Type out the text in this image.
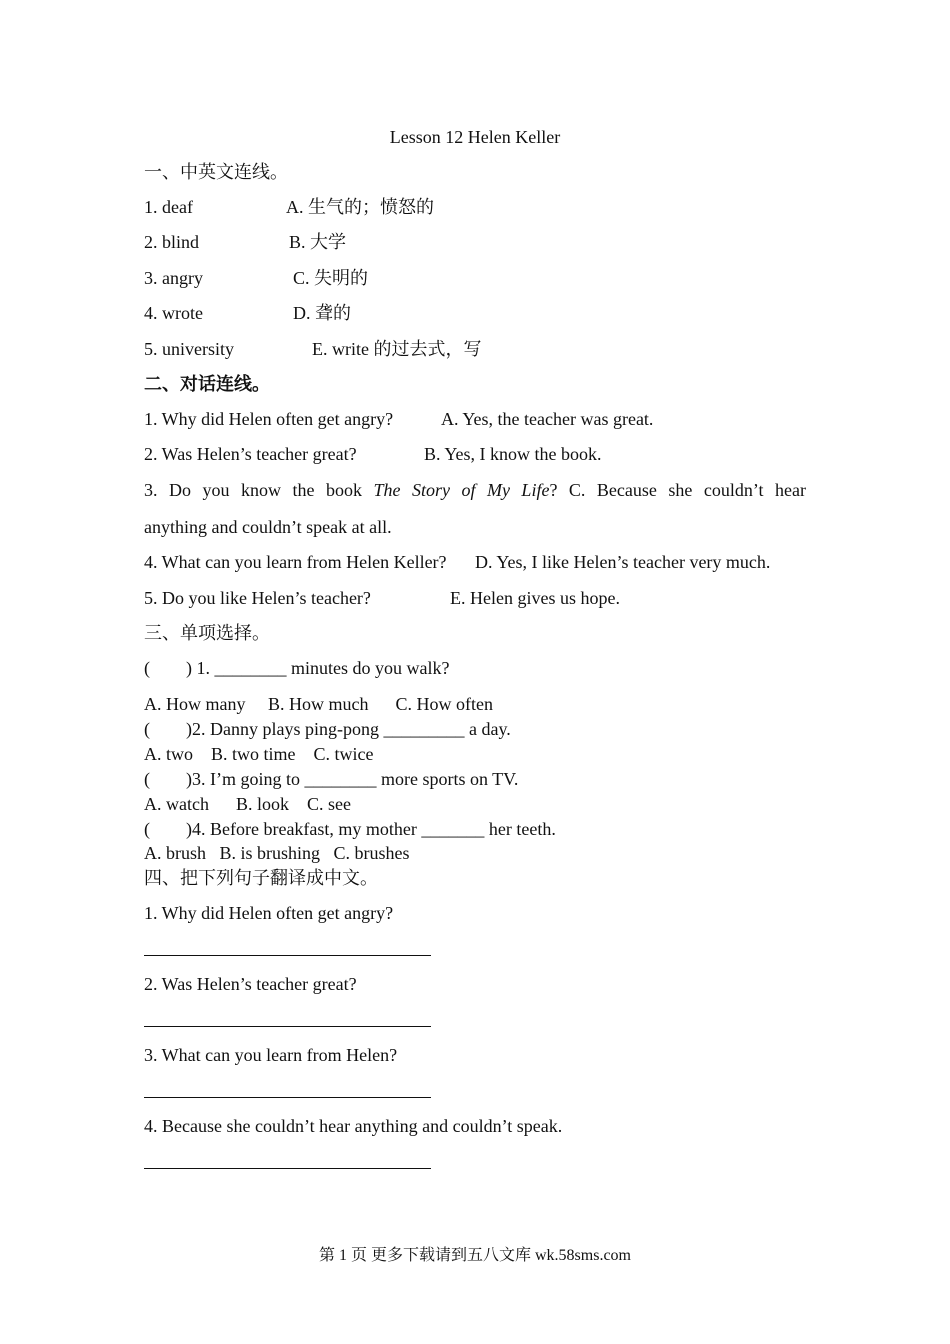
Lesson 12 Helen Keller
一、中英文连线。
1. deaf	A. 生气的；愤怒的
2. blind	B. 大学
3. angry	C. 失明的
4. wrote	D. 聋的
5. university	E. write 的过去式，写
二、对话连线。
1. Why did Helen often get angry?	A. Yes, the teacher was great.
2. Was Helen’s teacher great?	B. Yes, I know the book.
3. Do you know the book The Story of My Life? C. Because she couldn’t hear
anything and couldn’t speak at all.
4. What can you learn from Helen Keller? D. Yes, I like Helen’s teacher very much.
5. Do you like Helen’s teacher?	E. Helen gives us hope.
三、单项选择。
(        ) 1. ________ minutes do you walk?
A. How many     B. How much      C. How often
(        )2. Danny plays ping-pong _________ a day.
A. two    B. two time    C. twice
(        )3. I’m going to ________ more sports on TV.
A. watch      B. look    C. see
(        )4. Before breakfast, my mother _______ her teeth.
A. brush   B. is brushing   C. brushes
四、把下列句子翻译成中文。
1. Why did Helen often get angry?
2. Was Helen’s teacher great?
3. What can you learn from Helen?
4. Because she couldn’t hear anything and couldn’t speak.
第 1 页 更多下载请到五八文库 wk.58sms.com
